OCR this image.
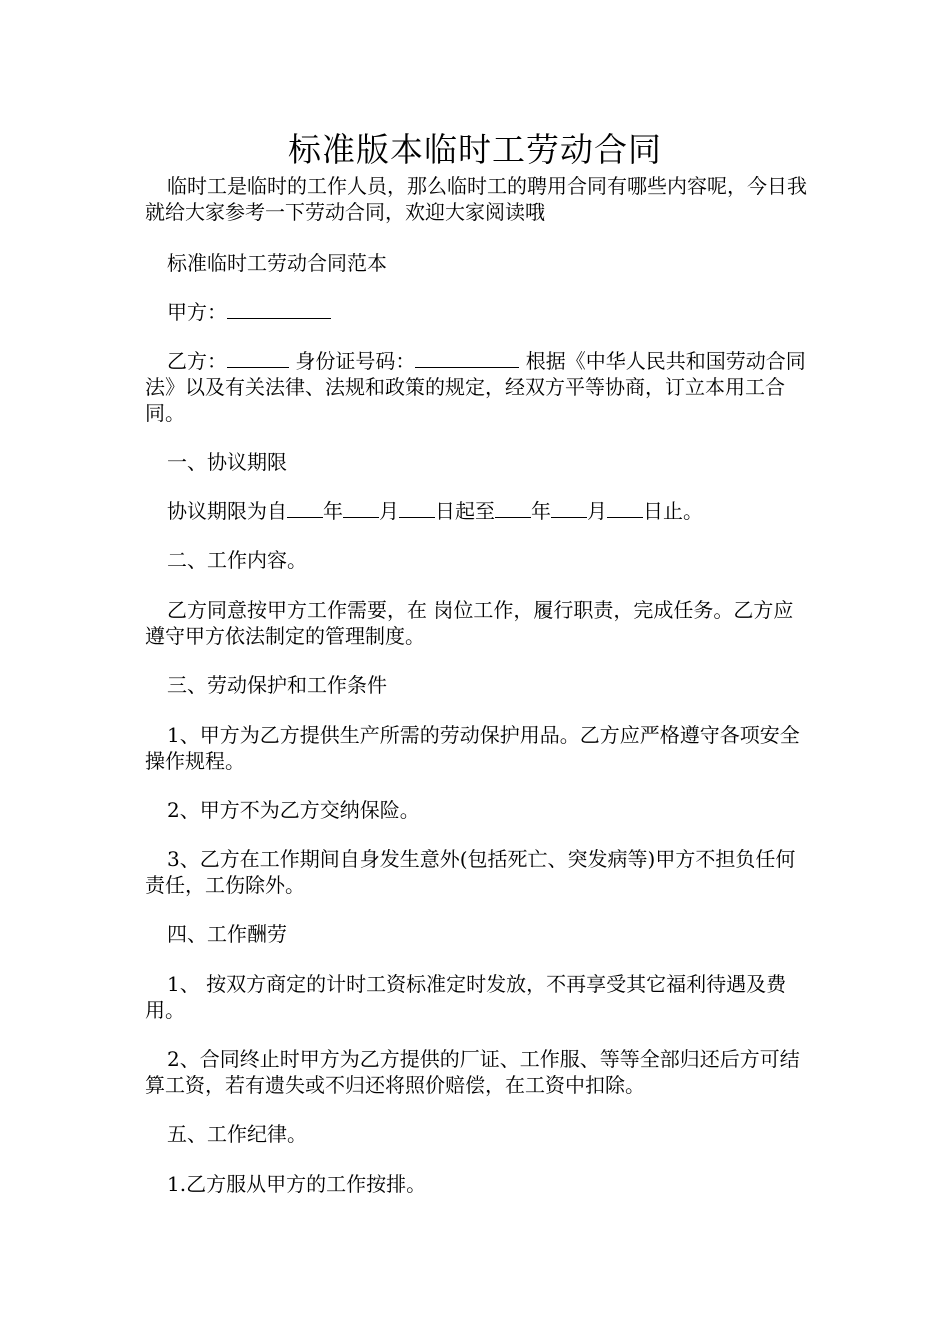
标准版本临时工劳动合同

临时工是临时的工作人员，那么临时工的聘用合同有哪些内容呢，今日我就给大家参考一下劳动合同，欢迎大家阅读哦

标准临时工劳动合同范本

甲方：

乙方：	身份证号码：	根据《中华人民共和国劳动合同法》以及有关法律、法规和政策的规定，经双方平等协商，订立本用工合同。

一、协议期限

协议期限为自 年 月 日起至 年 月 日止。

二、工作内容。

乙方同意按甲方工作需要，在 岗位工作，履行职责，完成任务。乙方应遵守甲方依法制定的管理制度。

三、劳动保护和工作条件

1、甲方为乙方提供生产所需的劳动保护用品。乙方应严格遵守各项安全操作规程。

2、甲方不为乙方交纳保险。

3、乙方在工作期间自身发生意外(包括死亡、突发病等)甲方不担负任何责任，工伤除外。

四、工作酬劳

1、 按双方商定的计时工资标准定时发放，不再享受其它福利待遇及费用。

2、合同终止时甲方为乙方提供的厂证、工作服、等等全部归还后方可结算工资，若有遗失或不归还将照价赔偿，在工资中扣除。

五、工作纪律。

1.乙方服从甲方的工作按排。
